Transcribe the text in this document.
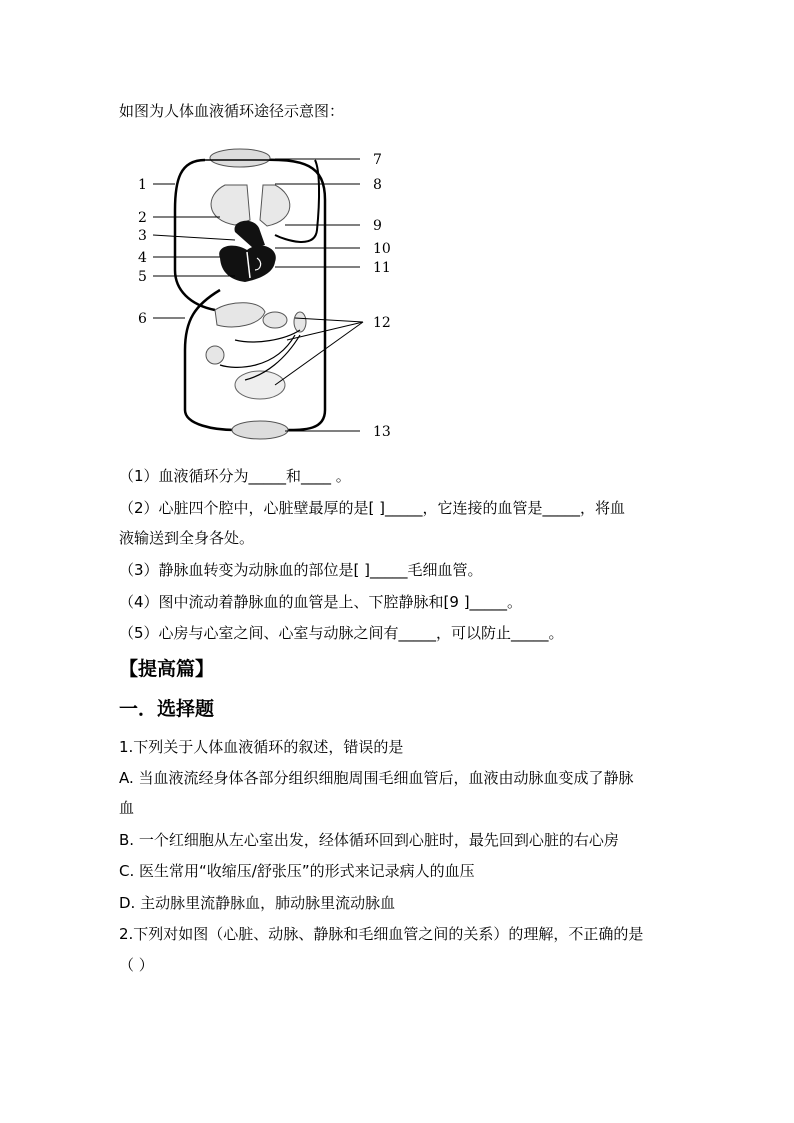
如图为人体血液循环途径示意图：
1
2
3
4
5
6
7
8
9
10
11
12
13
（1）血液循环分为_____和____ 。
（2）心脏四个腔中，心脏壁最厚的是[ ]_____，它连接的血管是_____，将血
液输送到全身各处。
（3）静脉血转变为动脉血的部位是[ ]_____毛细血管。
（4）图中流动着静脉血的血管是上、下腔静脉和[9 ]_____。
（5）心房与心室之间、心室与动脉之间有_____，可以防止_____。
【提高篇】
一．选择题
1.下列关于人体血液循环的叙述，错误的是
A. 当血液流经身体各部分组织细胞周围毛细血管后，血液由动脉血变成了静脉
血
B. 一个红细胞从左心室出发，经体循环回到心脏时，最先回到心脏的右心房
C. 医生常用“收缩压/舒张压”的形式来记录病人的血压
D. 主动脉里流静脉血，肺动脉里流动脉血
2.下列对如图（心脏、动脉、静脉和毛细血管之间的关系）的理解，不正确的是
（ ）
